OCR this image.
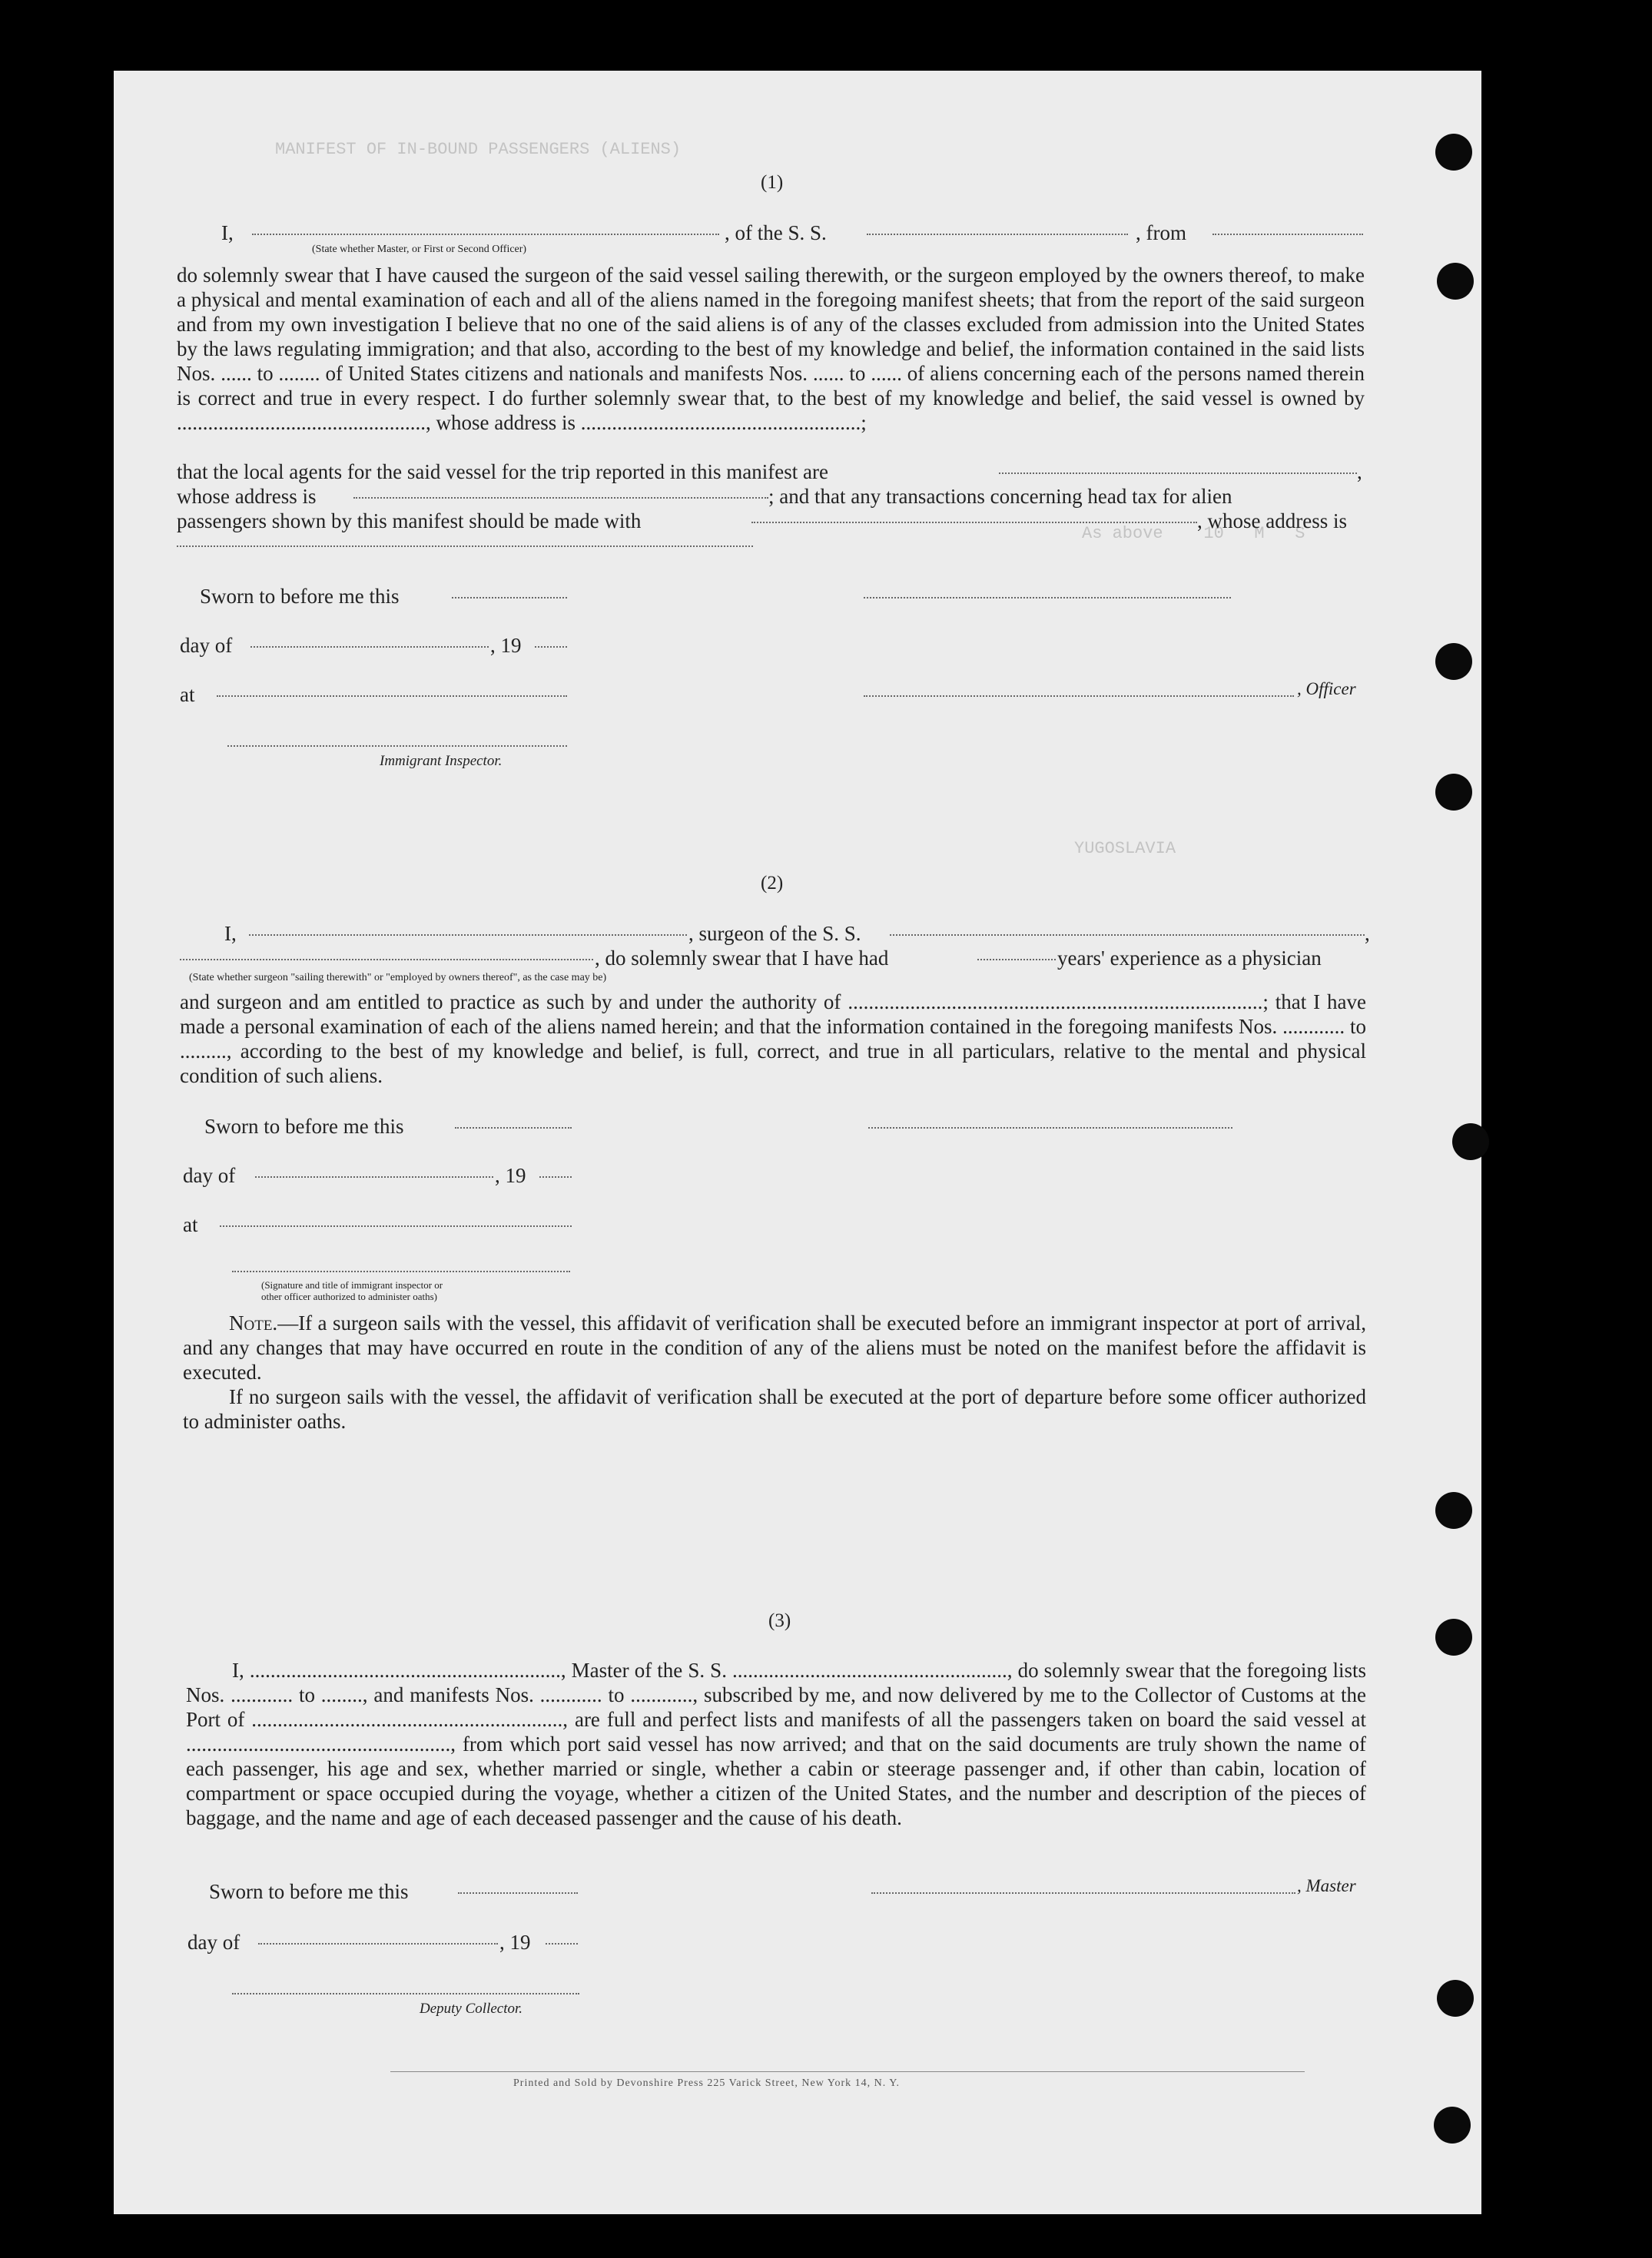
MANIFEST OF IN-BOUND PASSENGERS (ALIENS)
As above    10   M   S
YUGOSLAVIA
(1)
I,	, of the S. S.	, from
(State whether Master, or First or Second Officer)
do solemnly swear that I have caused the surgeon of the said vessel sailing therewith, or the surgeon employed by the owners thereof, to make a physical and mental examination of each and all of the aliens named in the foregoing manifest sheets; that from the report of the said surgeon and from my own investigation I believe that no one of the said aliens is of any of the classes excluded from admission into the United States by the laws regulating immigration; and that also, according to the best of my knowledge and belief, the information contained in the said lists Nos. ...... to ........ of United States citizens and nationals and manifests Nos. ...... to ...... of aliens concerning each of the persons named therein is correct and true in every respect. I do further solemnly swear that, to the best of my knowledge and belief, the said vessel is owned by ................................................, whose address is ......................................................;
that the local agents for the said vessel for the trip reported in this manifest are	,
whose address is	; and that any transactions concerning head tax for alien
passengers shown by this manifest should be made with	, whose address is
Sworn to before me this
day of	, 19
at	, Officer
Immigrant Inspector.
(2)
I,	, surgeon of the S. S.	,
, do solemnly swear that I have had	years' experience as a physician
(State whether surgeon "sailing therewith" or "employed by owners thereof", as the case may be)
and surgeon and am entitled to practice as such by and under the authority of ................................................................................; that I have made a personal examination of each of the aliens named herein; and that the information contained in the foregoing manifests Nos. ............ to ........., according to the best of my knowledge and belief, is full, correct, and true in all particulars, relative to the mental and physical condition of such aliens.
Sworn to before me this
day of	, 19
at
(Signature and title of immigrant inspector or
other officer authorized to administer oaths)
Note.—If a surgeon sails with the vessel, this affidavit of verification shall be executed before an immigrant inspector at port of arrival, and any changes that may have occurred en route in the condition of any of the aliens must be noted on the manifest before the affidavit is executed.
If no surgeon sails with the vessel, the affidavit of verification shall be executed at the port of departure before some officer authorized to administer oaths.
(3)
I, ............................................................, Master of the S. S. ....................................................., do solemnly swear that the foregoing lists Nos. ............ to ........, and manifests Nos. ............ to ............, subscribed by me, and now delivered by me to the Collector of Customs at the Port of ............................................................, are full and perfect lists and manifests of all the passengers taken on board the said vessel at ..................................................., from which port said vessel has now arrived; and that on the said documents are truly shown the name of each passenger, his age and sex, whether married or single, whether a cabin or steerage passenger and, if other than cabin, location of compartment or space occupied during the voyage, whether a citizen of the United States, and the number and description of the pieces of baggage, and the name and age of each deceased passenger and the cause of his death.
Sworn to before me this	, Master
day of	, 19
Deputy Collector.
Printed and Sold by Devonshire Press 225 Varick Street, New York 14, N. Y.
